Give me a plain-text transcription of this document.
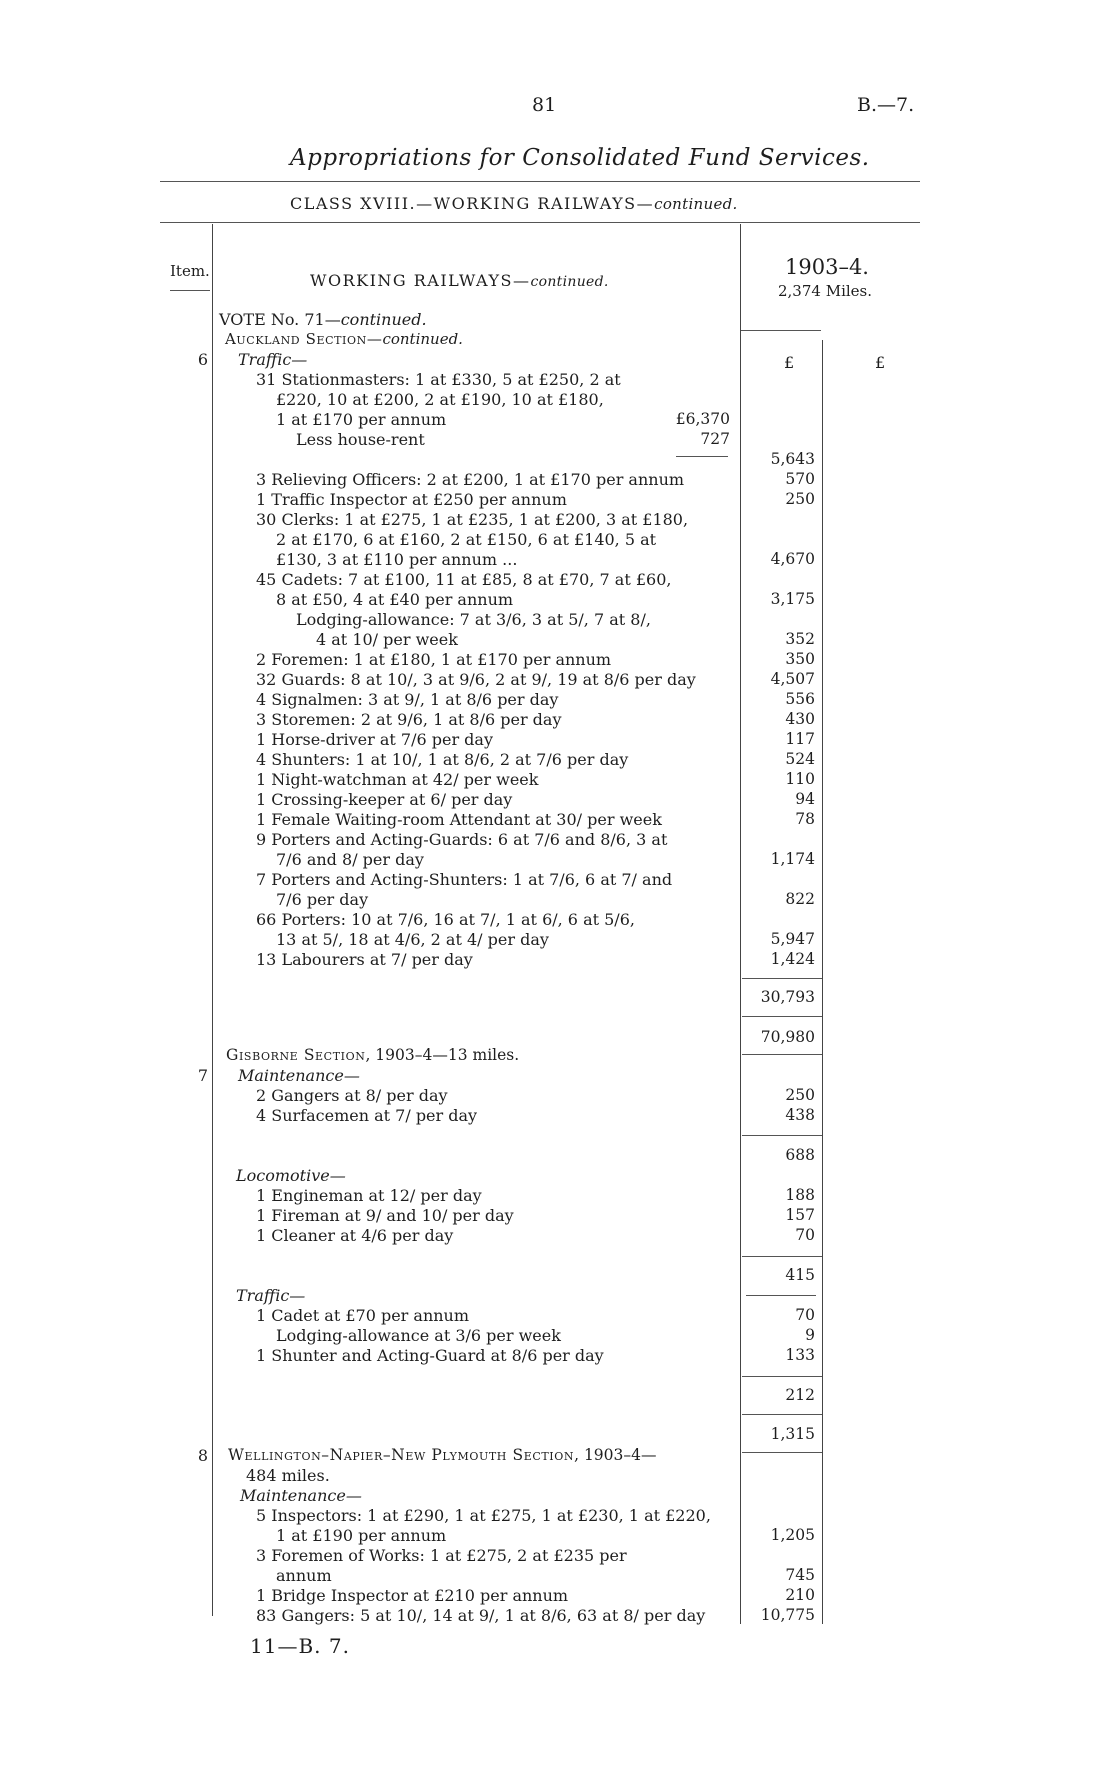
81	B.—7.
Appropriations for Consolidated Fund Services.
CLASS XVIII.—WORKING RAILWAYS—continued.
Item.	WORKING RAILWAYS—continued.
1903–4.
2,374 Miles.
£	£
VOTE No. 71—continued.
Auckland Section—continued.
6 Traffic—
31 Stationmasters: 1 at £330, 5 at £250, 2 at
£220, 10 at £200, 2 at £190, 10 at £180,
1 at £170 per annum	£6,370
Less house-rent	727
5,643
3 Relieving Officers: 2 at £200, 1 at £170 per annum	570
1 Traffic Inspector at £250 per annum	250
30 Clerks: 1 at £275, 1 at £235, 1 at £200, 3 at £180,
2 at £170, 6 at £160, 2 at £150, 6 at £140, 5 at
£130, 3 at £110 per annum ...	4,670
45 Cadets: 7 at £100, 11 at £85, 8 at £70, 7 at £60,
8 at £50, 4 at £40 per annum	3,175
Lodging-allowance: 7 at 3/6, 3 at 5/, 7 at 8/,
4 at 10/ per week	352
2 Foremen: 1 at £180, 1 at £170 per annum	350
32 Guards: 8 at 10/, 3 at 9/6, 2 at 9/, 19 at 8/6 per day	4,507
4 Signalmen: 3 at 9/, 1 at 8/6 per day	556
3 Storemen: 2 at 9/6, 1 at 8/6 per day	430
1 Horse-driver at 7/6 per day	117
4 Shunters: 1 at 10/, 1 at 8/6, 2 at 7/6 per day	524
1 Night-watchman at 42/ per week	110
1 Crossing-keeper at 6/ per day	94
1 Female Waiting-room Attendant at 30/ per week	78
9 Porters and Acting-Guards: 6 at 7/6 and 8/6, 3 at
7/6 and 8/ per day	1,174
7 Porters and Acting-Shunters: 1 at 7/6, 6 at 7/ and
7/6 per day	822
66 Porters: 10 at 7/6, 16 at 7/, 1 at 6/, 6 at 5/6,
13 at 5/, 18 at 4/6, 2 at 4/ per day	5,947
13 Labourers at 7/ per day	1,424
30,793
70,980
Gisborne Section, 1903–4—13 miles.
7 Maintenance—
2 Gangers at 8/ per day	250
4 Surfacemen at 7/ per day	438
688
Locomotive—
1 Engineman at 12/ per day	188
1 Fireman at 9/ and 10/ per day	157
1 Cleaner at 4/6 per day	70
415
Traffic—
1 Cadet at £70 per annum	70
Lodging-allowance at 3/6 per week	9
1 Shunter and Acting-Guard at 8/6 per day	133
212
1,315
8 Wellington–Napier–New Plymouth Section, 1903–4—
484 miles.
Maintenance—
5 Inspectors: 1 at £290, 1 at £275, 1 at £230, 1 at £220,
1 at £190 per annum	1,205
3 Foremen of Works: 1 at £275, 2 at £235 per
annum	745
1 Bridge Inspector at £210 per annum	210
83 Gangers: 5 at 10/, 14 at 9/, 1 at 8/6, 63 at 8/ per day	10,775
11—B. 7.
